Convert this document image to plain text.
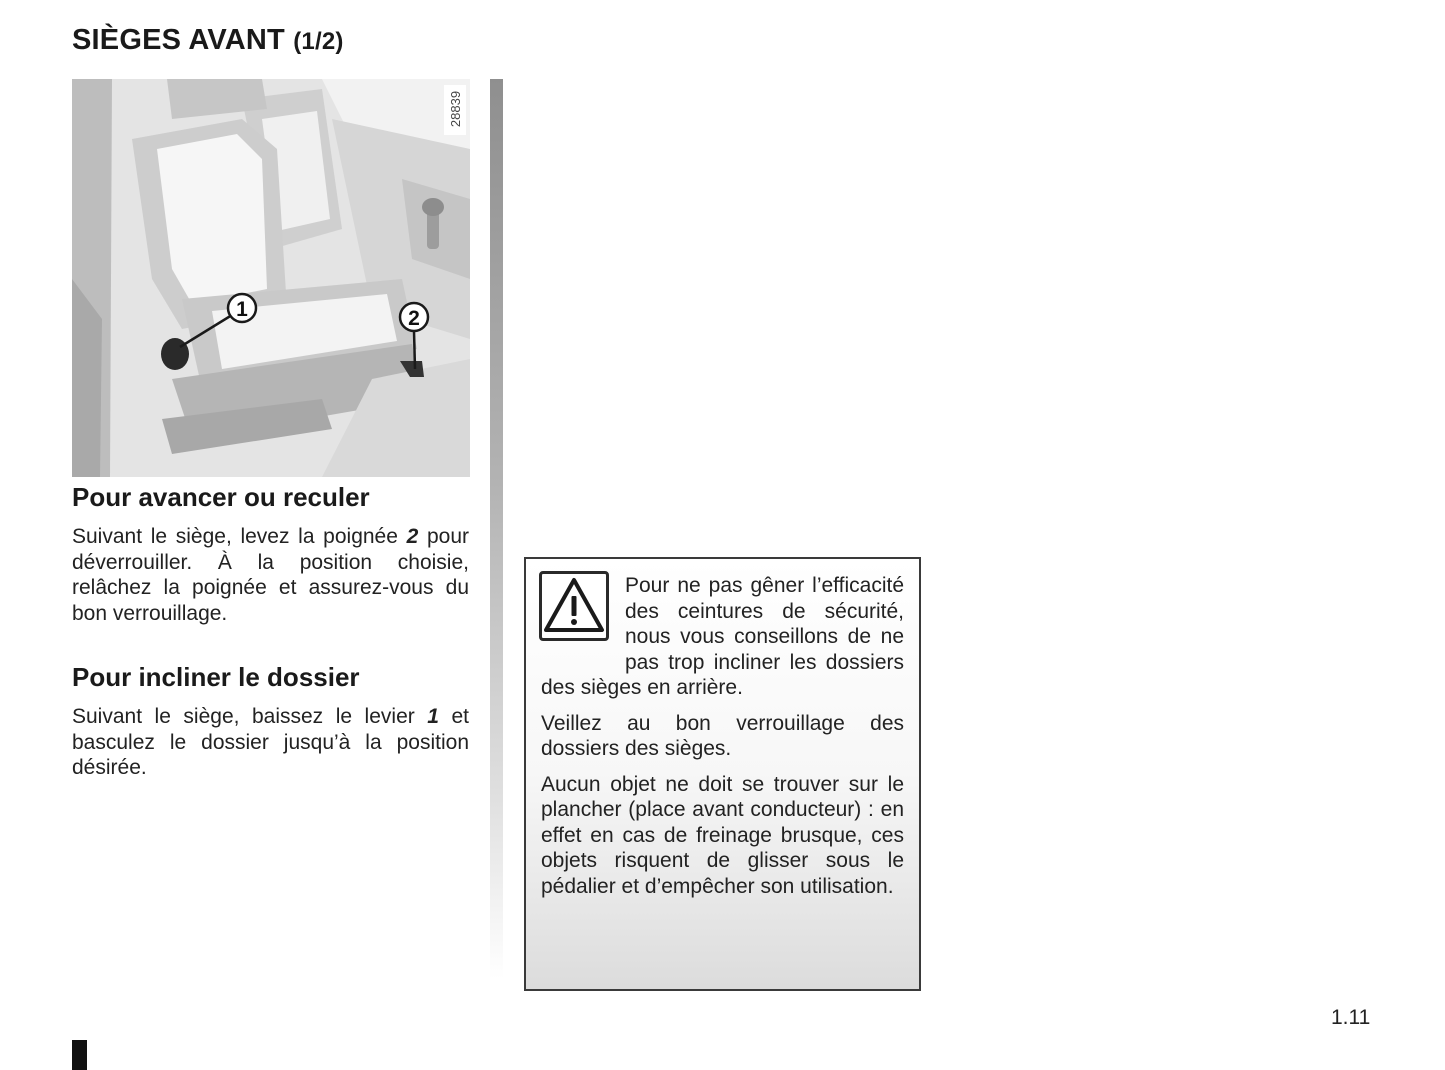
SIÈGES AVANT (1/2)
1	2
28839
Pour avancer ou reculer
Suivant le siège, levez la poignée 2 pour déverrouiller. À la position choisie, relâchez la poignée et assurez-vous du bon verrouillage.
Pour incliner le dossier
Suivant le siège, baissez le levier 1 et basculez le dossier jusqu’à la position désirée.

Pour ne pas gêner l’efficacité des ceintures de sécurité, nous vous conseillons de ne pas trop incliner les dossiers des sièges en arrière.

Veillez au bon verrouillage des dossiers des sièges.

Aucun objet ne doit se trouver sur le plancher (place avant conducteur) : en effet en cas de freinage brusque, ces objets risquent de glisser sous le pédalier et d’empêcher son utilisation.

1.11
